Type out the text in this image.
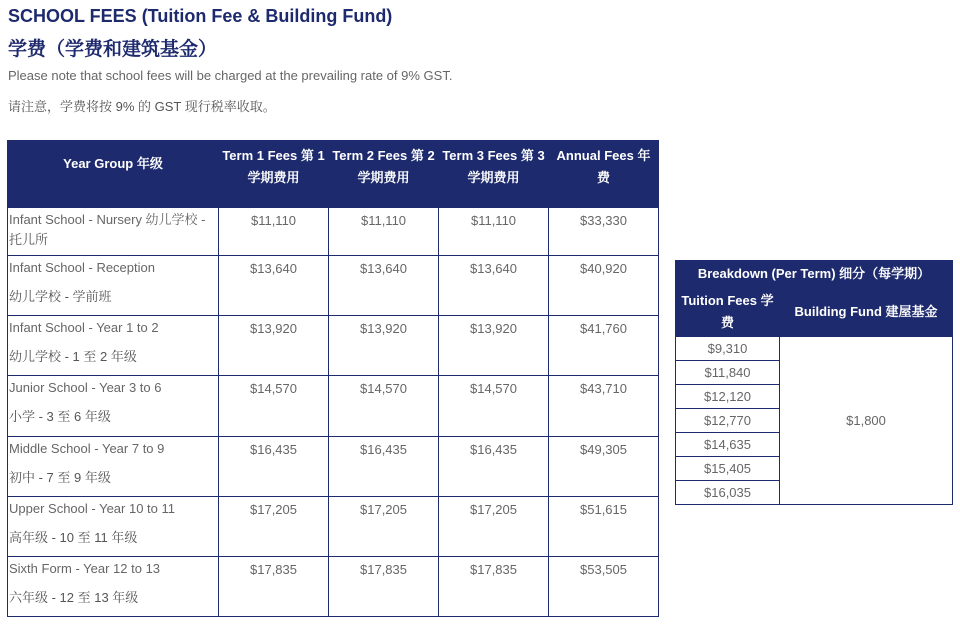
SCHOOL FEES (Tuition Fee & Building Fund)
学费（学费和建筑基金）

Please note that school fees will be charged at the prevailing rate of 9% GST.

请注意，学费将按 9% 的 GST 现行税率收取。

Year Group 年级	Term 1 Fees 第 1 学期费用	Term 2 Fees 第 2 学期费用	Term 3 Fees 第 3 学期费用	Annual Fees 年费

Infant School - Nursery 幼儿学校 -
托儿所	$11,110	$11,110	$11,110	$33,330

Infant School - Reception
幼儿学校 - 学前班	$13,640	$13,640	$13,640	$40,920

Infant School - Year 1 to 2
幼儿学校 - 1 至 2 年级	$13,920	$13,920	$13,920	$41,760

Junior School - Year 3 to 6
小学 - 3 至 6 年级	$14,570	$14,570	$14,570	$43,710

Middle School - Year 7 to 9
初中 - 7 至 9 年级	$16,435	$16,435	$16,435	$49,305

Upper School - Year 10 to 11
高年级 - 10 至 11 年级	$17,205	$17,205	$17,205	$51,615

Sixth Form - Year 12 to 13
六年级 - 12 至 13 年级	$17,835	$17,835	$17,835	$53,505
Breakdown (Per Term) 细分（每学期）	
Tuition Fees 学费	Building Fund 建屋基金
$9,310	$1,800
$11,840	
$12,120	
$12,770	
$14,635	
$15,405	
$16,035	
